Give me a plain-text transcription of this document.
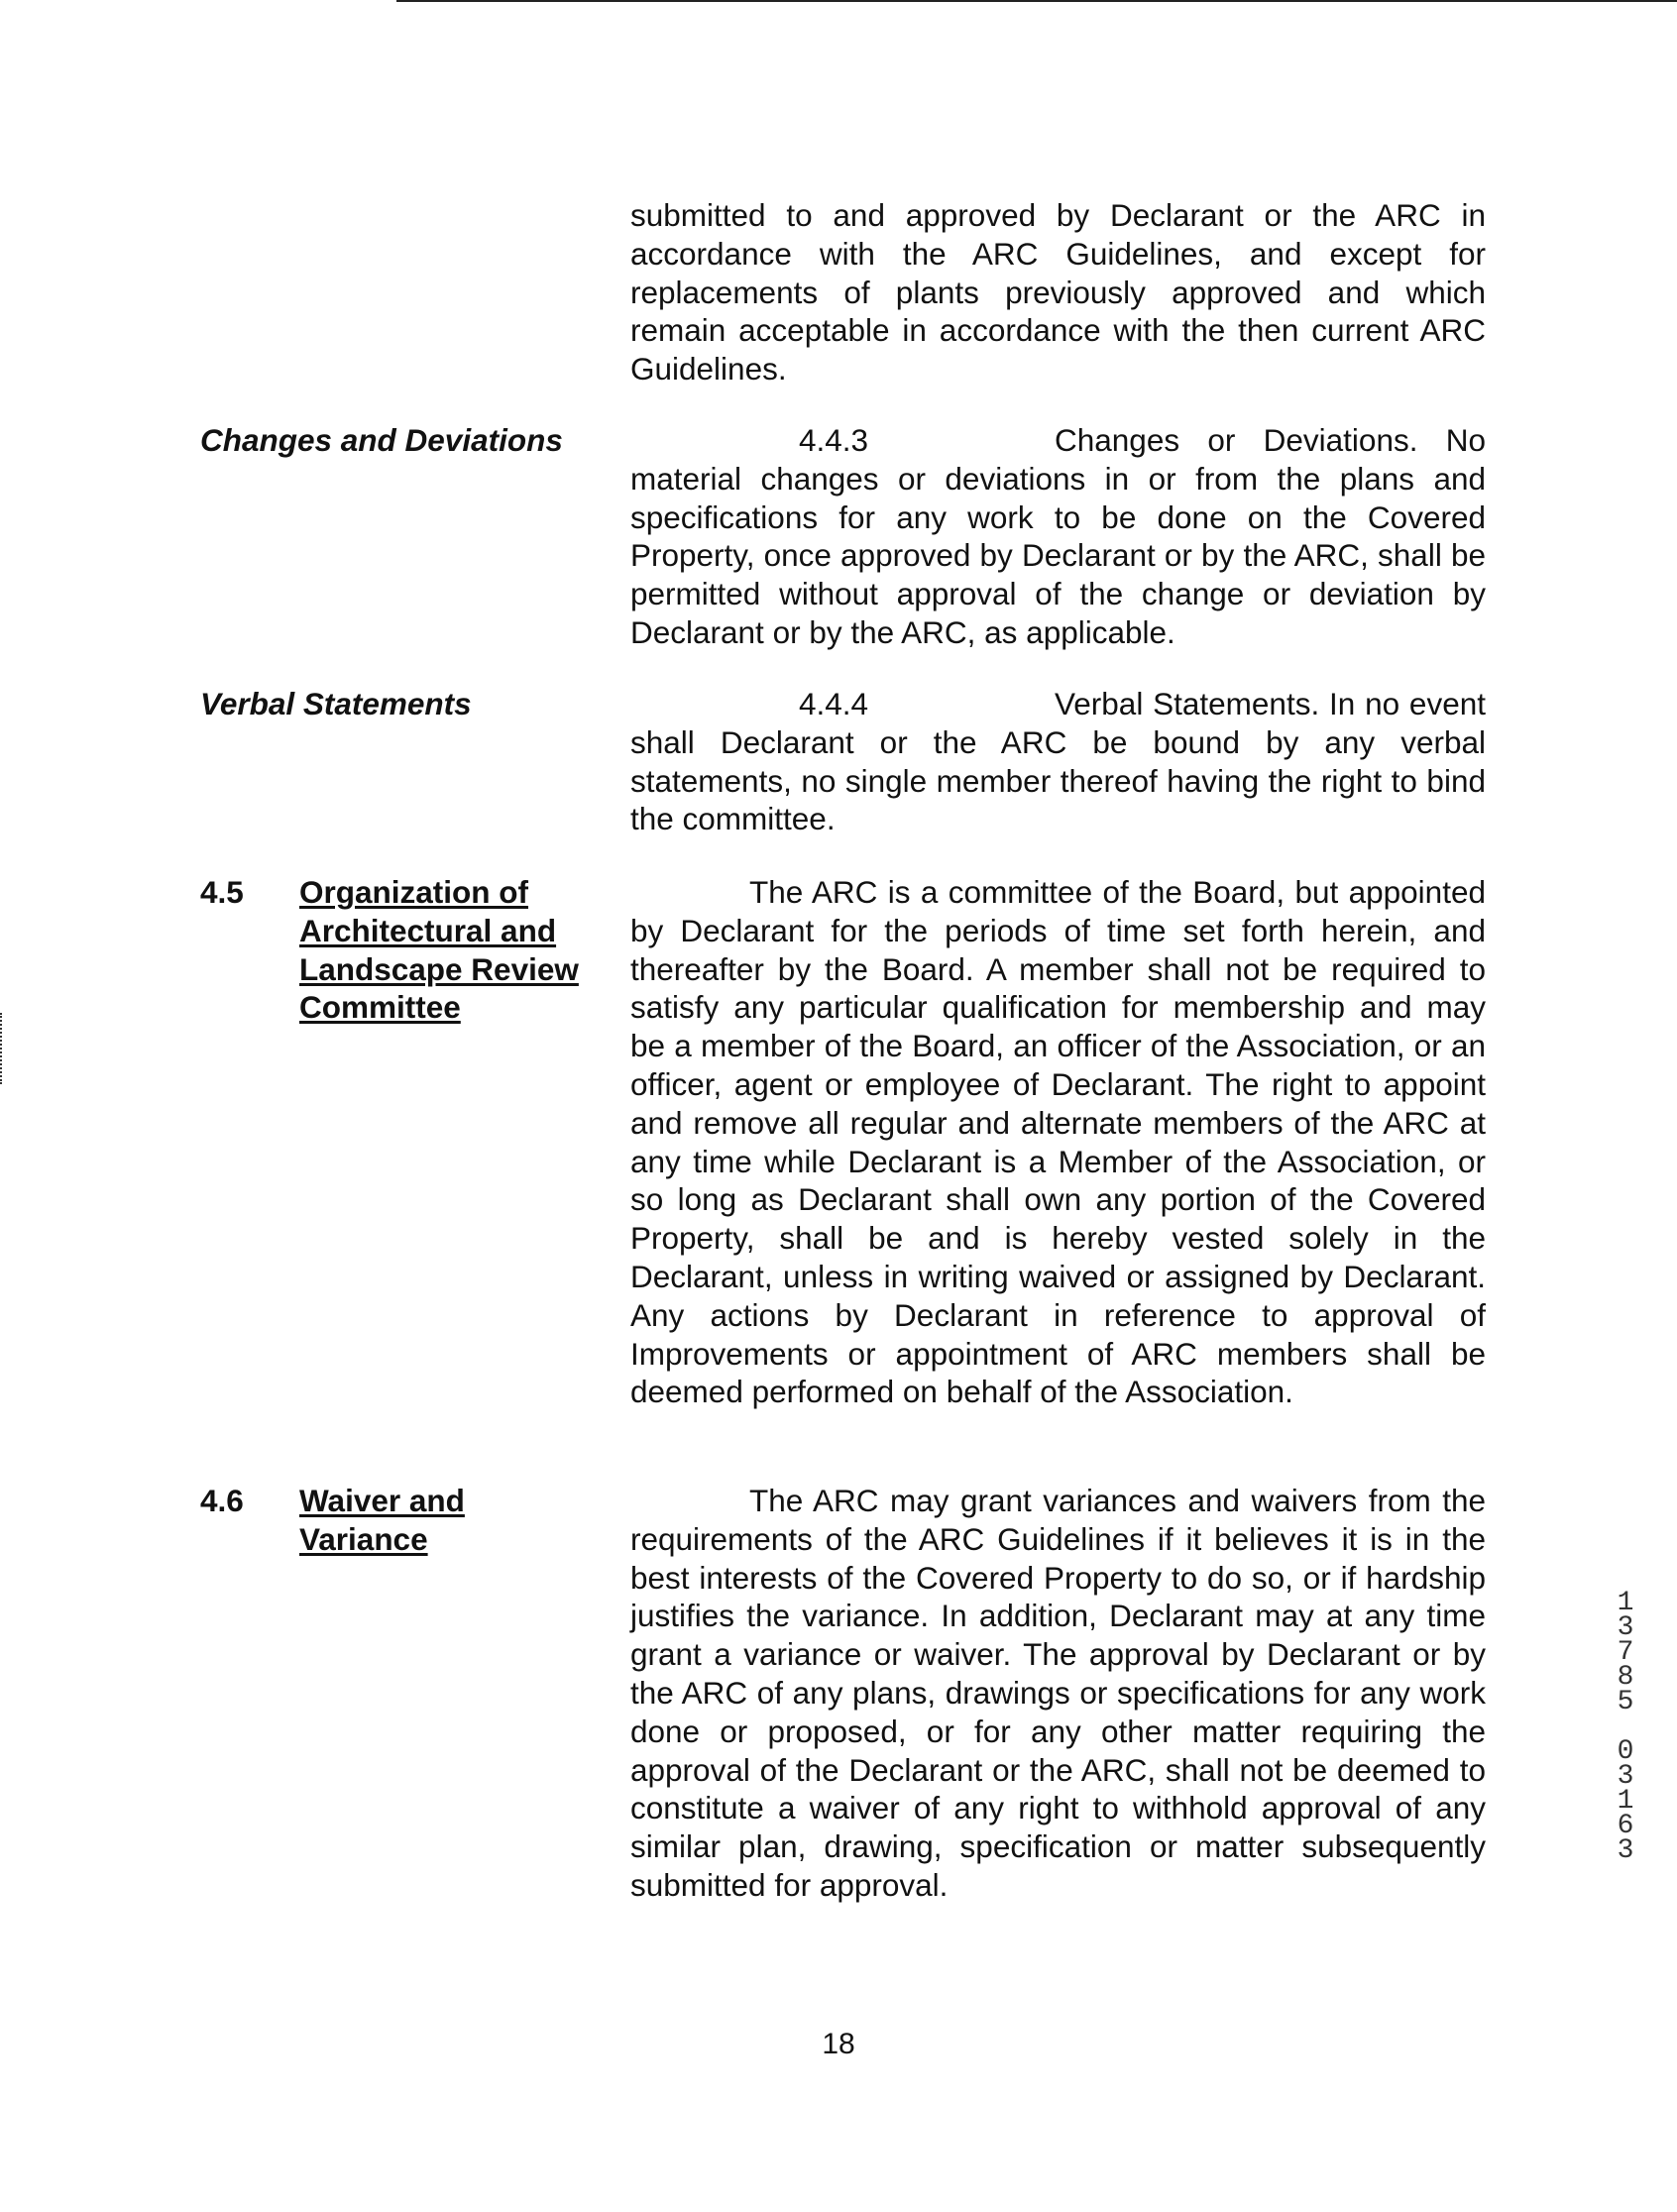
submitted to and approved by Declarant or the ARC in accordance with the ARC Guidelines, and except for replacements of plants previously approved and which remain acceptable in accordance with the then current ARC Guidelines.
Changes and Deviations	4.4.3	Changes or Deviations. No material changes or deviations in or from the plans and specifications for any work to be done on the Covered Property, once approved by Declarant or by the ARC, shall be permitted without approval of the change or deviation by Declarant or by the ARC, as applicable.
Verbal Statements	4.4.4	Verbal Statements. In no event shall Declarant or the ARC be bound by any verbal statements, no single member thereof having the right to bind the committee.
4.5 Organization of Architectural and Landscape Review Committee
The ARC is a committee of the Board, but appointed by Declarant for the periods of time set forth herein, and thereafter by the Board. A member shall not be required to satisfy any particular qualification for membership and may be a member of the Board, an officer of the Association, or an officer, agent or employee of Declarant. The right to appoint and remove all regular and alternate members of the ARC at any time while Declarant is a Member of the Association, or so long as Declarant shall own any portion of the Covered Property, shall be and is hereby vested solely in the Declarant, unless in writing waived or assigned by Declarant. Any actions by Declarant in reference to approval of Improvements or appointment of ARC members shall be deemed performed on behalf of the Association.
4.6 Waiver and Variance
The ARC may grant variances and waivers from the requirements of the ARC Guidelines if it believes it is in the best interests of the Covered Property to do so, or if hardship justifies the variance. In addition, Declarant may at any time grant a variance or waiver. The approval by Declarant or by the ARC of any plans, drawings or specifications for any work done or proposed, or for any other matter requiring the approval of the Declarant or the ARC, shall not be deemed to constitute a waiver of any right to withhold approval of any similar plan, drawing, specification or matter subsequently submitted for approval.
18
1
3
7
8
5

0
3
1
6
3
